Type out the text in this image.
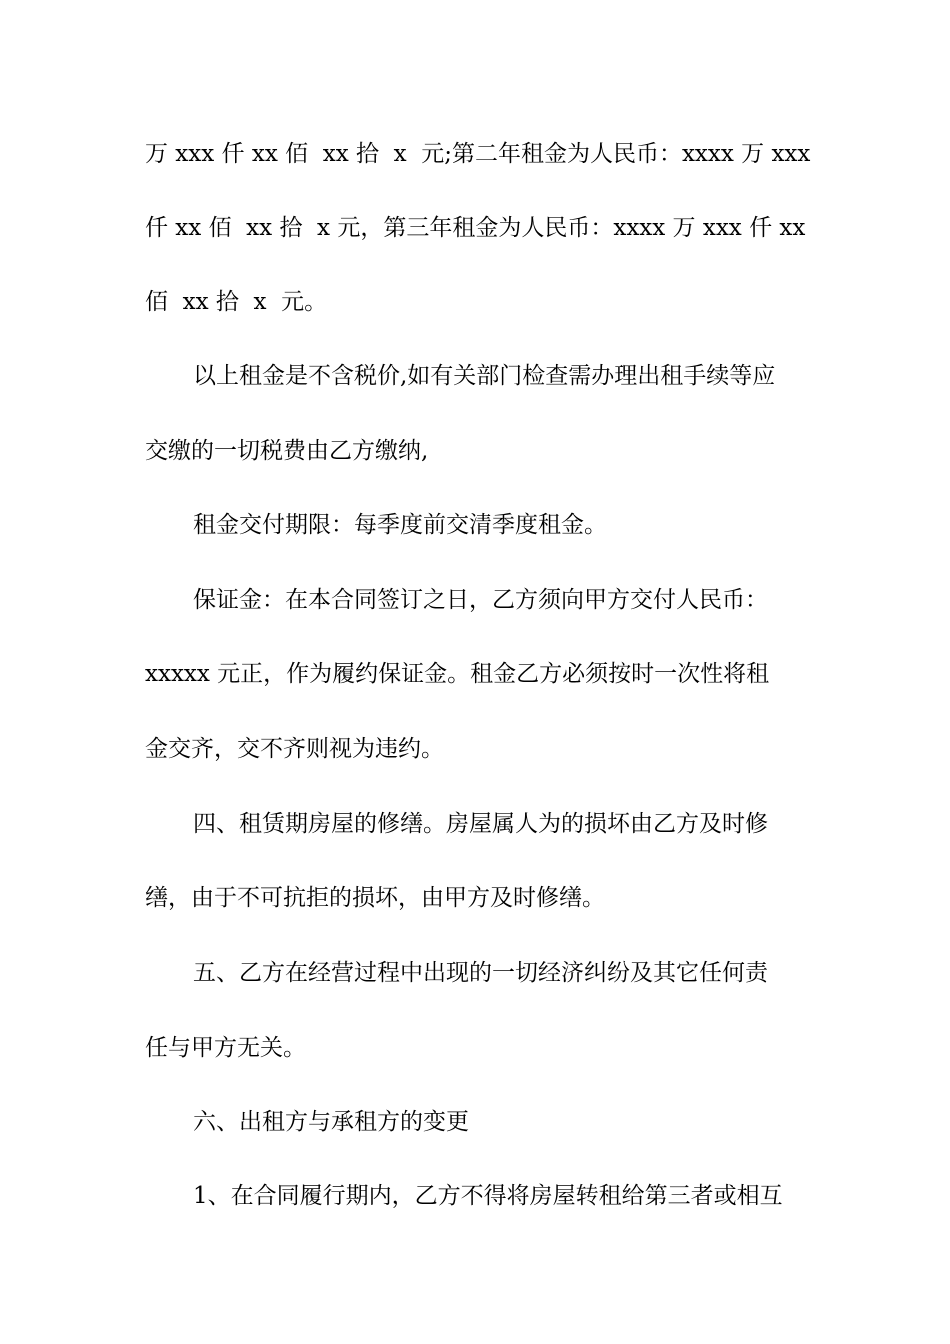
万 xxx 仟 xx 佰  xx 拾  x  元;第二年租金为人民币：xxxx 万 xxx
仟 xx 佰  xx 拾  x 元，第三年租金为人民币：xxxx 万 xxx 仟 xx
佰  xx 拾  x  元。
以上租金是不含税价,如有关部门检查需办理出租手续等应
交缴的一切税费由乙方缴纳,
租金交付期限：每季度前交清季度租金。
保证金：在本合同签订之日，乙方须向甲方交付人民币：
xxxxx 元正，作为履约保证金。租金乙方必须按时一次性将租
金交齐，交不齐则视为违约。
四、租赁期房屋的修缮。房屋属人为的损坏由乙方及时修
缮，由于不可抗拒的损坏，由甲方及时修缮。
五、乙方在经营过程中出现的一切经济纠纷及其它任何责
任与甲方无关。
六、出租方与承租方的变更
1、在合同履行期内，乙方不得将房屋转租给第三者或相互
